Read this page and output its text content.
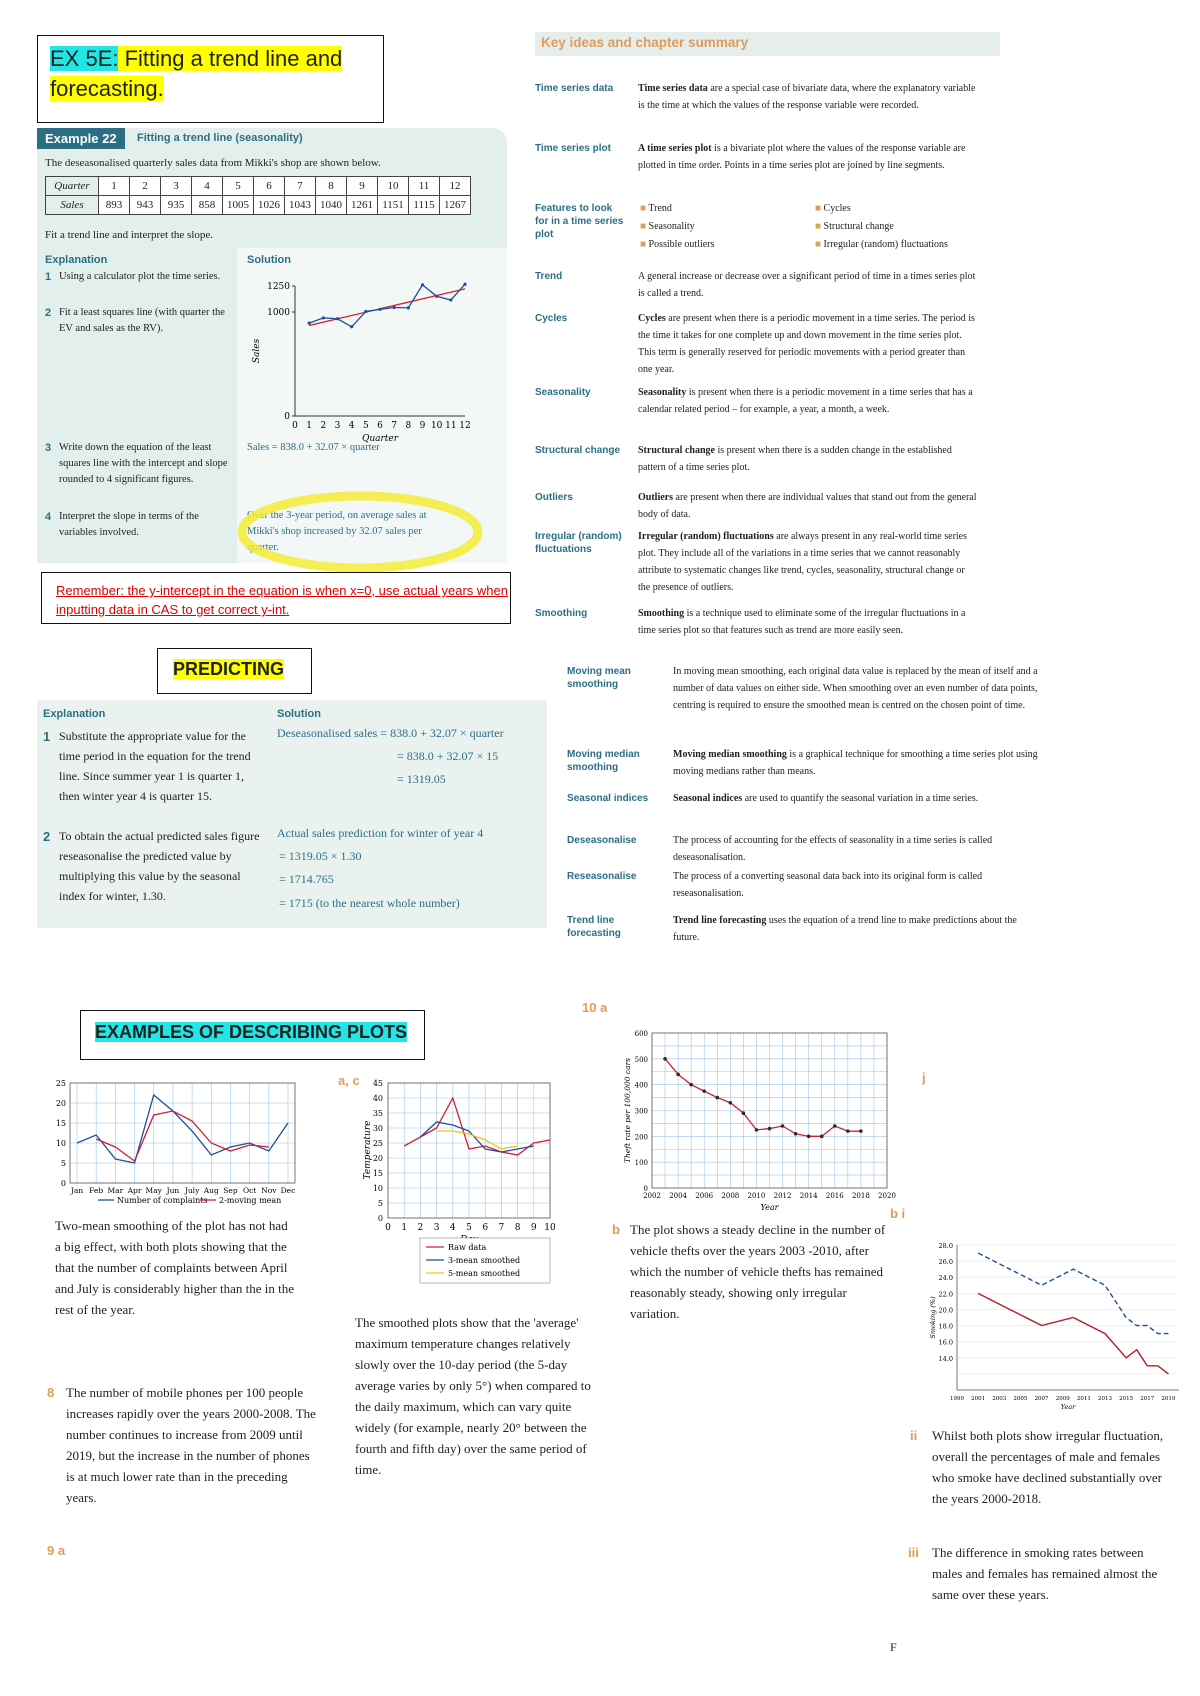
EX 5E: Fitting a trend line and forecasting.
Example 22	Fitting a trend line (seasonality)
The deseasonalised quarterly sales data from Mikki's shop are shown below.
Quarter	1	2	3	4	5	6	7	8	9	10	11	12
Sales	893	943	935	858	1005	1026	1043	1040	1261	1151	1115	1267
Fit a trend line and interpret the slope.
Explanation	Solution
1 Using a calculator plot the time series.
2 Fit a least squares line (with quarter the EV and sales as the RV).
0
1000
1250
0 1 2 3 4 5 6 7 8 9 10 11 12
Quarter
Sales
3 Write down the equation of the least squares line with the intercept and slope rounded to 4 significant figures.
Sales = 838.0 + 32.07 × quarter
4 Interpret the slope in terms of the variables involved.
Over the 3-year period, on average sales at Mikki's shop increased by 32.07 sales per quarter.
Remember: the y-intercept in the equation is when x=0, use actual years when inputting data in CAS to get correct y-int.
PREDICTING
Explanation	Solution
1 Substitute the appropriate value for the time period in the equation for the trend line. Since summer year 1 is quarter 1, then winter year 4 is quarter 15.
Deseasonalised sales = 838.0 + 32.07 × quarter
= 838.0 + 32.07 × 15
= 1319.05
2 To obtain the actual predicted sales figure reseasonalise the predicted value by multiplying this value by the seasonal index for winter, 1.30.
Actual sales prediction for winter of year 4
= 1319.05 × 1.30
= 1714.765
= 1715 (to the nearest whole number)
Key ideas and chapter summary
Time series data	Time series data are a special case of bivariate data, where the explanatory variable is the time at which the values of the response variable were recorded.
Time series plot	A time series plot is a bivariate plot where the values of the response variable are plotted in time order. Points in a time series plot are joined by line segments.
Features to look for in a time series plot
Trend	A general increase or decrease over a significant period of time in a times series plot is called a trend.
Cycles	Cycles are present when there is a periodic movement in a time series. The period is the time it takes for one complete up and down movement in the time series plot. This term is generally reserved for periodic movements with a period greater than one year.
Seasonality	Seasonality is present when there is a periodic movement in a time series that has a calendar related period – for example, a year, a month, a week.
Structural change	Structural change is present when there is a sudden change in the established pattern of a time series plot.
Outliers	Outliers are present when there are individual values that stand out from the general body of data.
Irregular (random) fluctuations
Irregular (random) fluctuations are always present in any real-world time series plot. They include all of the variations in a time series that we cannot reasonably attribute to systematic changes like trend, cycles, seasonality, structural change or the presence of outliers.
Smoothing	Smoothing is a technique used to eliminate some of the irregular fluctuations in a time series plot so that features such as trend are more easily seen.
Moving mean smoothing
In moving mean smoothing, each original data value is replaced by the mean of itself and a number of data values on either side. When smoothing over an even number of data points, centring is required to ensure the smoothed mean is centred on the chosen point of time.
Moving median smoothing
Moving median smoothing is a graphical technique for smoothing a time series plot using moving medians rather than means.
Seasonal indices	Seasonal indices are used to quantify the seasonal variation in a time series.
Deseasonalise	The process of accounting for the effects of seasonality in a time series is called deseasonalisation.
Reseasonalise	The process of a converting seasonal data back into its original form is called reseasonalisation.
Trend line forecasting
Trend line forecasting uses the equation of a trend line to make predictions about the future.
■ Trend
■ Seasonality
■ Possible outliers
■ Cycles
■ Structural change
■ Irregular (random) fluctuations
EXAMPLES OF DESCRIBING PLOTS
0
5
10
15
20
25
Jan Feb Mar Apr May Jun July Aug Sep Oct Nov Dec
Number of complaints 2-moving mean
Two-mean smoothing of the plot has not had a big effect, with both plots showing that the that the number of complaints between April and July is considerably higher than the in the rest of the year.
a, c
0 1 2 3 4 5 6 7 8 9 10
0
5
10
15
20
25
30
35
40
45
Temperature
Raw data
3-mean smoothed
5-mean smoothed
The smoothed plots show that the 'average' maximum temperature changes relatively slowly over the 10-day period (the 5-day average varies by only 5°) when compared to the daily maximum, which can vary quite widely (for example, nearly 20° between the fourth and fifth day) over the same period of time.
8 The number of mobile phones per 100 people increases rapidly over the years 2000-2008. The number continues to increase from 2009 until 2019, but the increase in the number of phones is at much lower rate than in the preceding years.
9 a
10 a
2002 2004 2006 2008 2010 2012 2014 2016 2018 2020
0
100
200
300
400
500
600
Year
Theft rate per 100,000 cars
b The plot shows a steady decline in the number of vehicle thefts over the years 2003 -2010, after which the number of vehicle thefts has remained reasonably steady, showing only irregular variation.
j
b i
14.0
16.0
18.0
20.0
22.0
24.0
26.0
28.0
1999 2001 2003 2005 2007 2009 2011 2013 2015 2017 2019
Year
Smoking (%)
ii Whilst both plots show irregular fluctuation, overall the percentages of male and females who smoke have declined substantially over the years 2000-2018.
iii The difference in smoking rates between males and females has remained almost the same over these years.
F
